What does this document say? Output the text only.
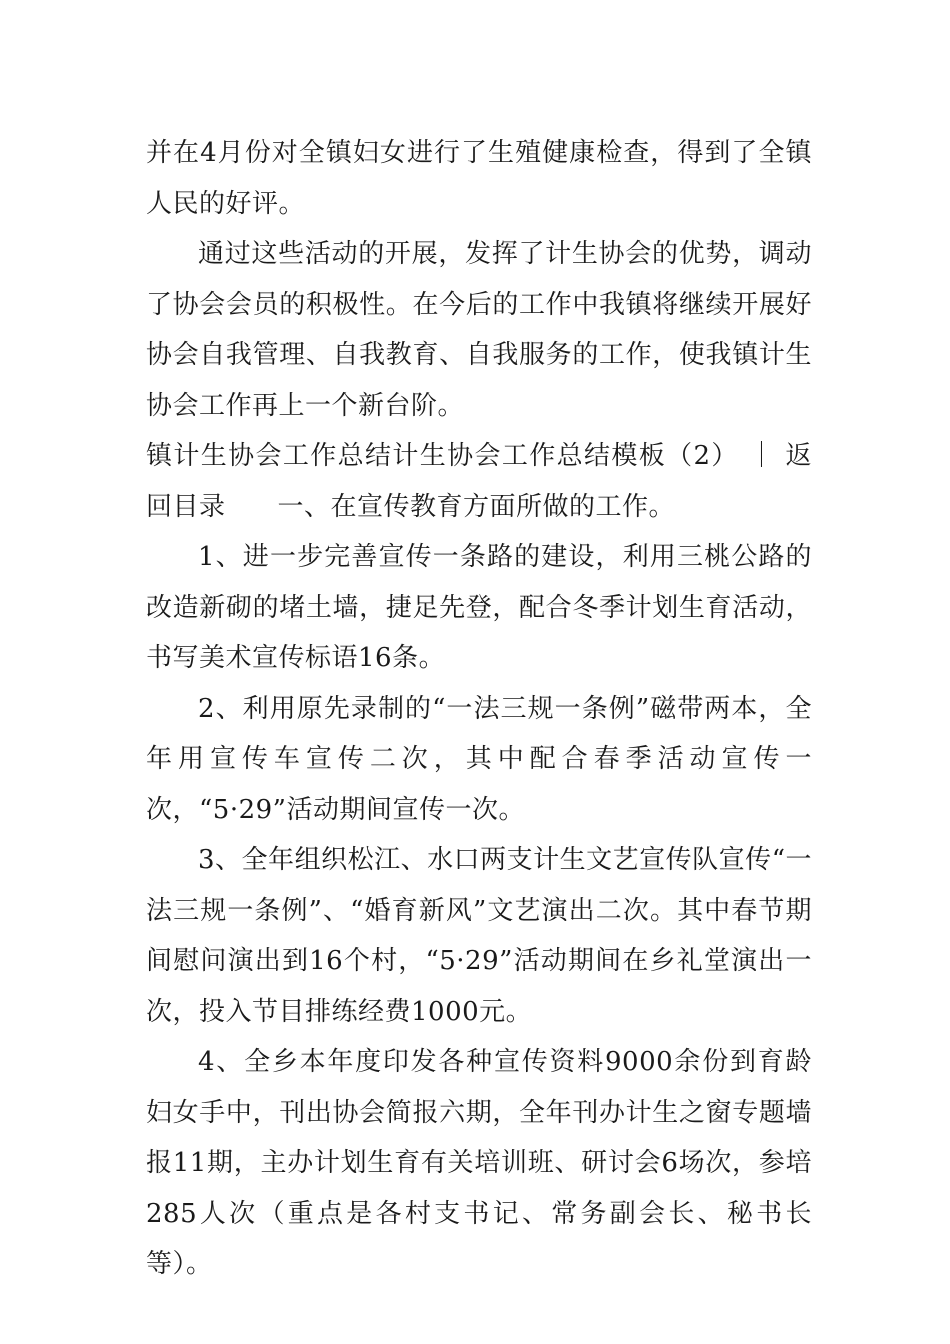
并在4月份对全镇妇女进行了生殖健康检查，得到了全镇人民的好评。

通过这些活动的开展，发挥了计生协会的优势，调动了协会会员的积极性。在今后的工作中我镇将继续开展好协会自我管理、自我教育、自我服务的工作，使我镇计生协会工作再上一个新台阶。

镇计生协会工作总结计生协会工作总结模板（2） ｜ 返回目录 一、在宣传教育方面所做的工作。

1、进一步完善宣传一条路的建设，利用三桃公路的改造新砌的堵土墙，捷足先登，配合冬季计划生育活动，书写美术宣传标语16条。

2、利用原先录制的“一法三规一条例”磁带两本，全年用宣传车宣传二次，其中配合春季活动宣传一次，“5·29”活动期间宣传一次。

3、全年组织松江、水口两支计生文艺宣传队宣传“一法三规一条例”、“婚育新风”文艺演出二次。其中春节期间慰问演出到16个村，“5·29”活动期间在乡礼堂演出一次，投入节目排练经费1000元。

4、全乡本年度印发各种宣传资料9000余份到育龄妇女手中，刊出协会简报六期，全年刊办计生之窗专题墙报11期，主办计划生育有关培训班、研讨会6场次，参培285人次（重点是各村支书记、常务副会长、秘书长等）。
